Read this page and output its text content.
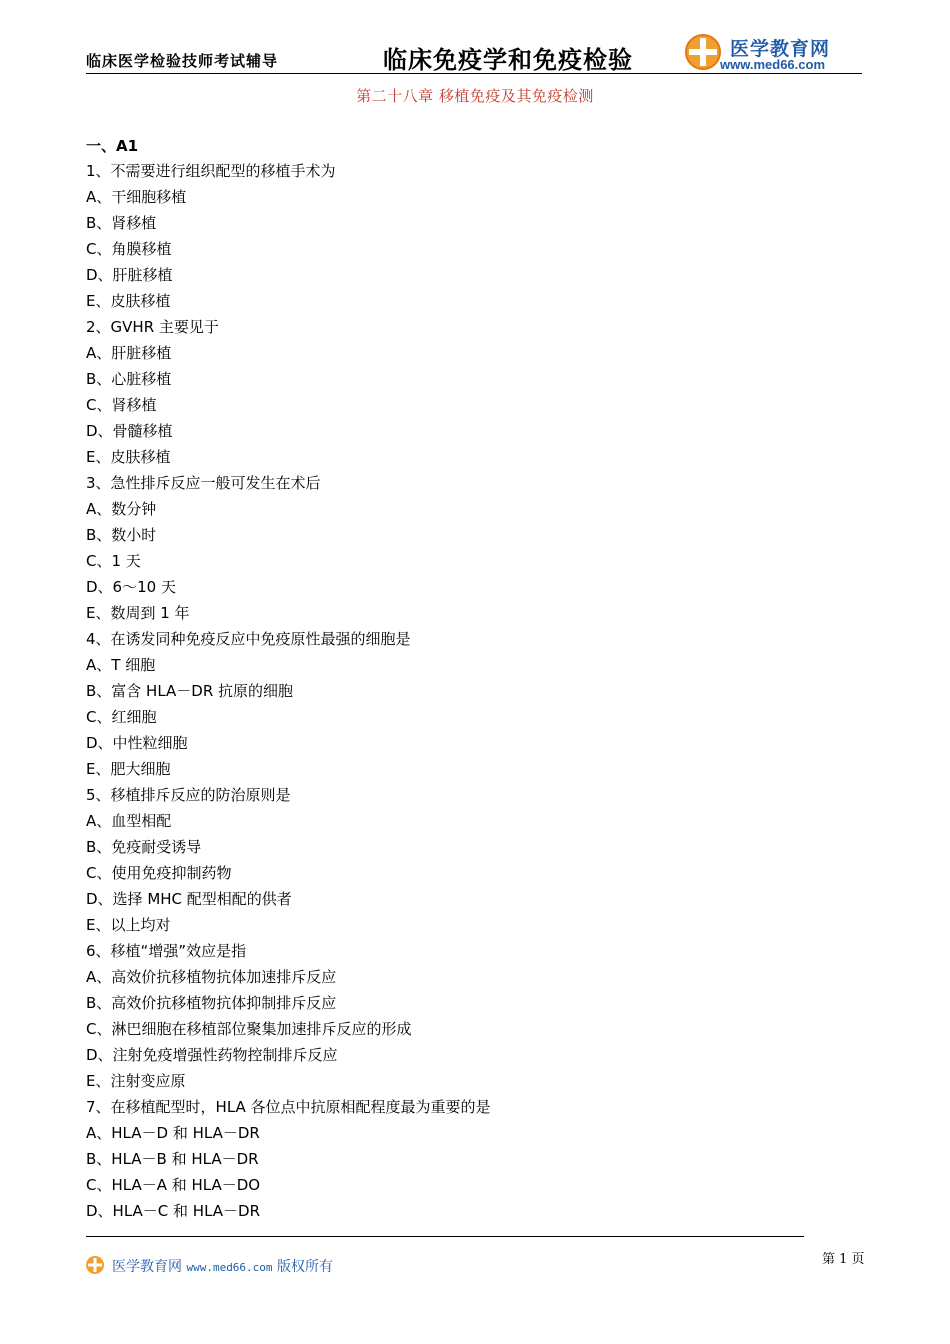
临床医学检验技师考试辅导	临床免疫学和免疫检验	医学教育网
www.med66.com
第二十八章 移植免疫及其免疫检测
一、A1
1、不需要进行组织配型的移植手术为
A、干细胞移植
B、肾移植
C、角膜移植
D、肝脏移植
E、皮肤移植
2、GVHR 主要见于
A、肝脏移植
B、心脏移植
C、肾移植
D、骨髓移植
E、皮肤移植
3、急性排斥反应一般可发生在术后
A、数分钟
B、数小时
C、1 天
D、6～10 天
E、数周到 1 年
4、在诱发同种免疫反应中免疫原性最强的细胞是
A、T 细胞
B、富含 HLA－DR 抗原的细胞
C、红细胞
D、中性粒细胞
E、肥大细胞
5、移植排斥反应的防治原则是
A、血型相配
B、免疫耐受诱导
C、使用免疫抑制药物
D、选择 MHC 配型相配的供者
E、以上均对
6、移植“增强”效应是指
A、高效价抗移植物抗体加速排斥反应
B、高效价抗移植物抗体抑制排斥反应
C、淋巴细胞在移植部位聚集加速排斥反应的形成
D、注射免疫增强性药物控制排斥反应
E、注射变应原
7、在移植配型时，HLA 各位点中抗原相配程度最为重要的是
A、HLA－D 和 HLA－DR
B、HLA－B 和 HLA－DR
C、HLA－A 和 HLA－DO
D、HLA－C 和 HLA－DR
医学教育网 www.med66.com 版权所有	第 1 页
